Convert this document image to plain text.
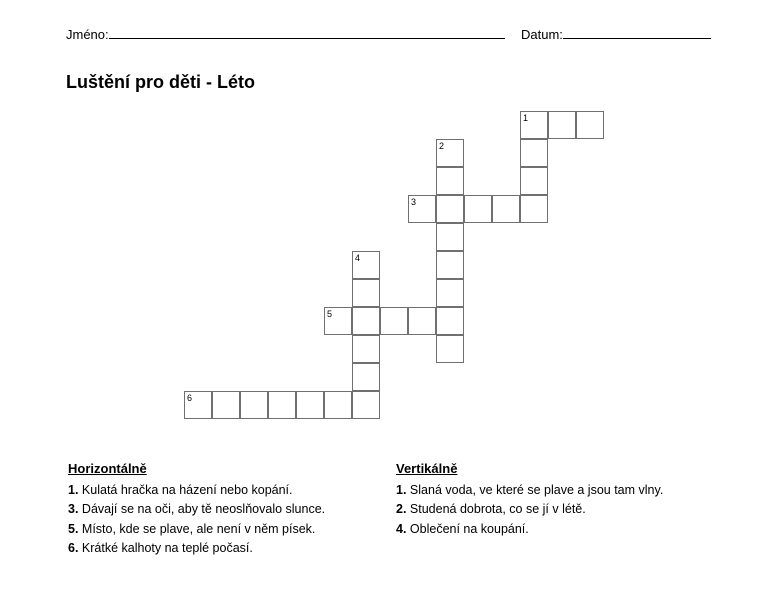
Jméno:	Datum:
Luštění pro děti - Léto
1
3
5
6
2
4
Horizontálně
1. Kulatá hračka na házení nebo kopání.
3. Dávají se na oči, aby tě neoslňovalo slunce.
5. Místo, kde se plave, ale není v něm písek.
6. Krátké kalhoty na teplé počasí.
Vertikálně
1. Slaná voda, ve které se plave a jsou tam vlny.
2. Studená dobrota, co se jí v létě.
4. Oblečení na koupání.
